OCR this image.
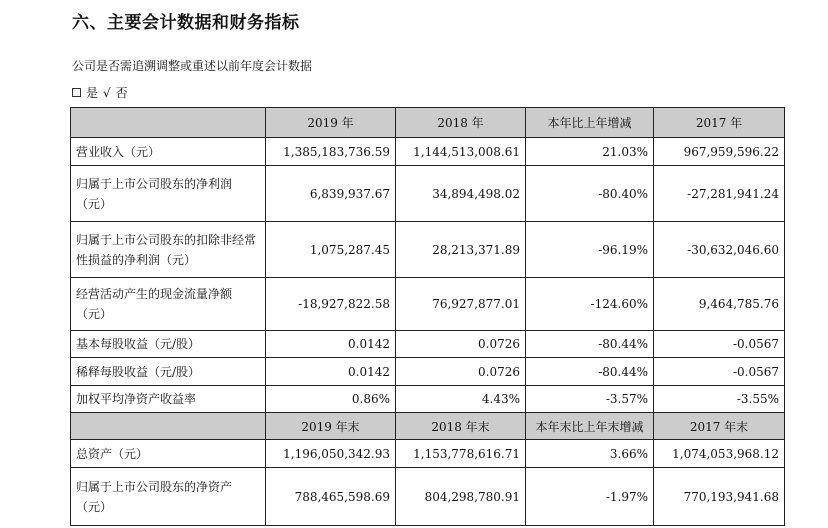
六、主要会计数据和财务指标
公司是否需追溯调整或重述以前年度会计数据
是 √ 否
	2019 年	2018 年	本年比上年增减	2017 年
营业收入（元）	1,385,183,736.59	1,144,513,008.61	21.03%	967,959,596.22
归属于上市公司股东的净利润（元）	6,839,937.67	34,894,498.02	-80.40%	-27,281,941.24
归属于上市公司股东的扣除非经常性损益的净利润（元）	1,075,287.45	28,213,371.89	-96.19%	-30,632,046.60
经营活动产生的现金流量净额（元）	-18,927,822.58	76,927,877.01	-124.60%	9,464,785.76
基本每股收益（元/股）	0.0142	0.0726	-80.44%	-0.0567
稀释每股收益（元/股）	0.0142	0.0726	-80.44%	-0.0567
加权平均净资产收益率	0.86%	4.43%	-3.57%	-3.55%
	2019 年末	2018 年末	本年末比上年末增减	2017 年末
总资产（元）	1,196,050,342.93	1,153,778,616.71	3.66%	1,074,053,968.12
归属于上市公司股东的净资产（元）	788,465,598.69	804,298,780.91	-1.97%	770,193,941.68
